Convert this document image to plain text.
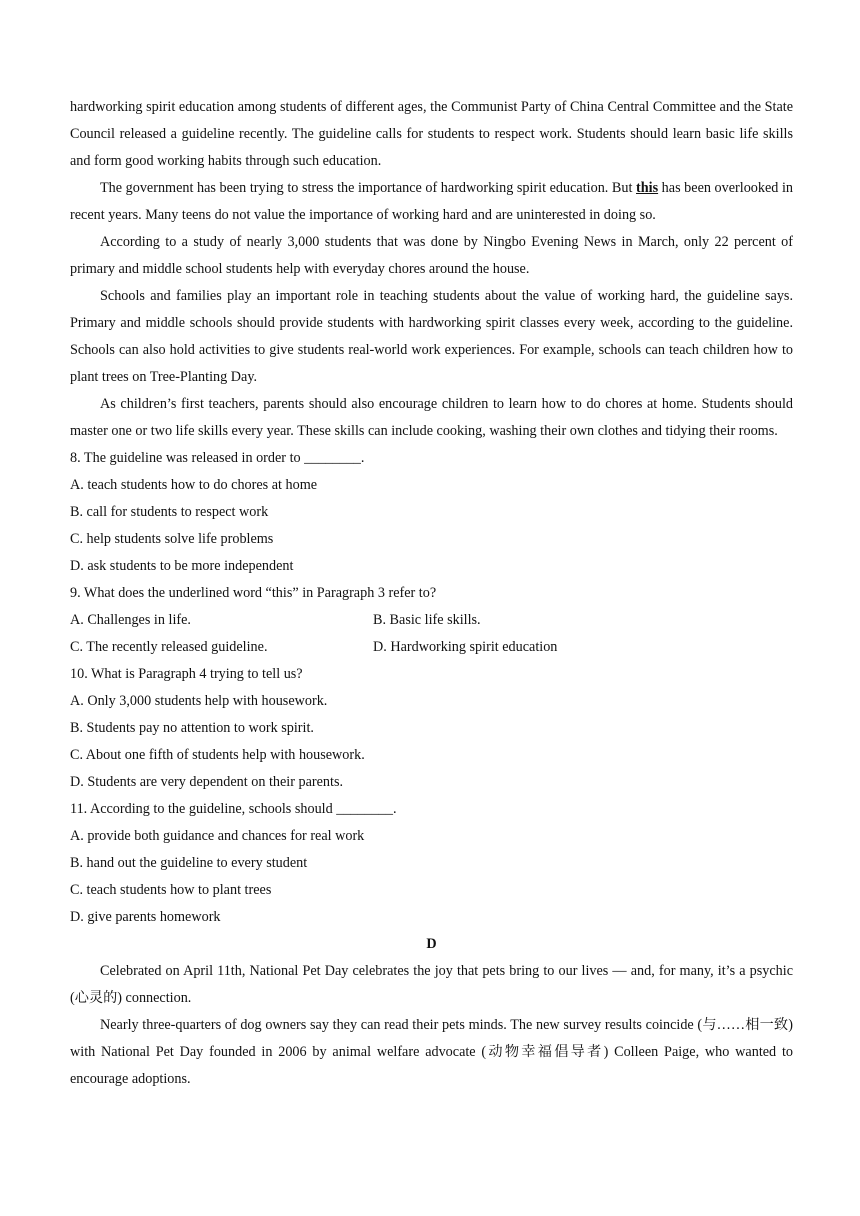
hardworking spirit education among students of different ages, the Communist Party of China Central Committee and the State Council released a guideline recently. The guideline calls for students to respect work. Students should learn basic life skills and form good working habits through such education.

The government has been trying to stress the importance of hardworking spirit education. But this has been overlooked in recent years. Many teens do not value the importance of working hard and are uninterested in doing so.

According to a study of nearly 3,000 students that was done by Ningbo Evening News in March, only 22 percent of primary and middle school students help with everyday chores around the house.

Schools and families play an important role in teaching students about the value of working hard, the guideline says. Primary and middle schools should provide students with hardworking spirit classes every week, according to the guideline. Schools can also hold activities to give students real-world work experiences. For example, schools can teach children how to plant trees on Tree-Planting Day.

As children’s first teachers, parents should also encourage children to learn how to do chores at home. Students should master one or two life skills every year. These skills can include cooking, washing their own clothes and tidying their rooms.

8. The guideline was released in order to ________.

A. teach students how to do chores at home

B. call for students to respect work

C. help students solve life problems

D. ask students to be more independent

9. What does the underlined word “this” in Paragraph 3 refer to?

A. Challenges in life.	B. Basic life skills.
C. The recently released guideline.	D. Hardworking spirit education

10. What is Paragraph 4 trying to tell us?

A. Only 3,000 students help with housework.

B. Students pay no attention to work spirit.

C. About one fifth of students help with housework.

D. Students are very dependent on their parents.

11. According to the guideline, schools should ________.

A. provide both guidance and chances for real work

B. hand out the guideline to every student

C. teach students how to plant trees

D. give parents homework

D

Celebrated on April 11th, National Pet Day celebrates the joy that pets bring to our lives — and, for many, it’s a psychic (心灵的) connection.

Nearly three-quarters of dog owners say they can read their pets minds. The new survey results coincide (与……相一致) with National Pet Day founded in 2006 by animal welfare advocate (动物幸福倡导者) Colleen Paige, who wanted to encourage adoptions.
